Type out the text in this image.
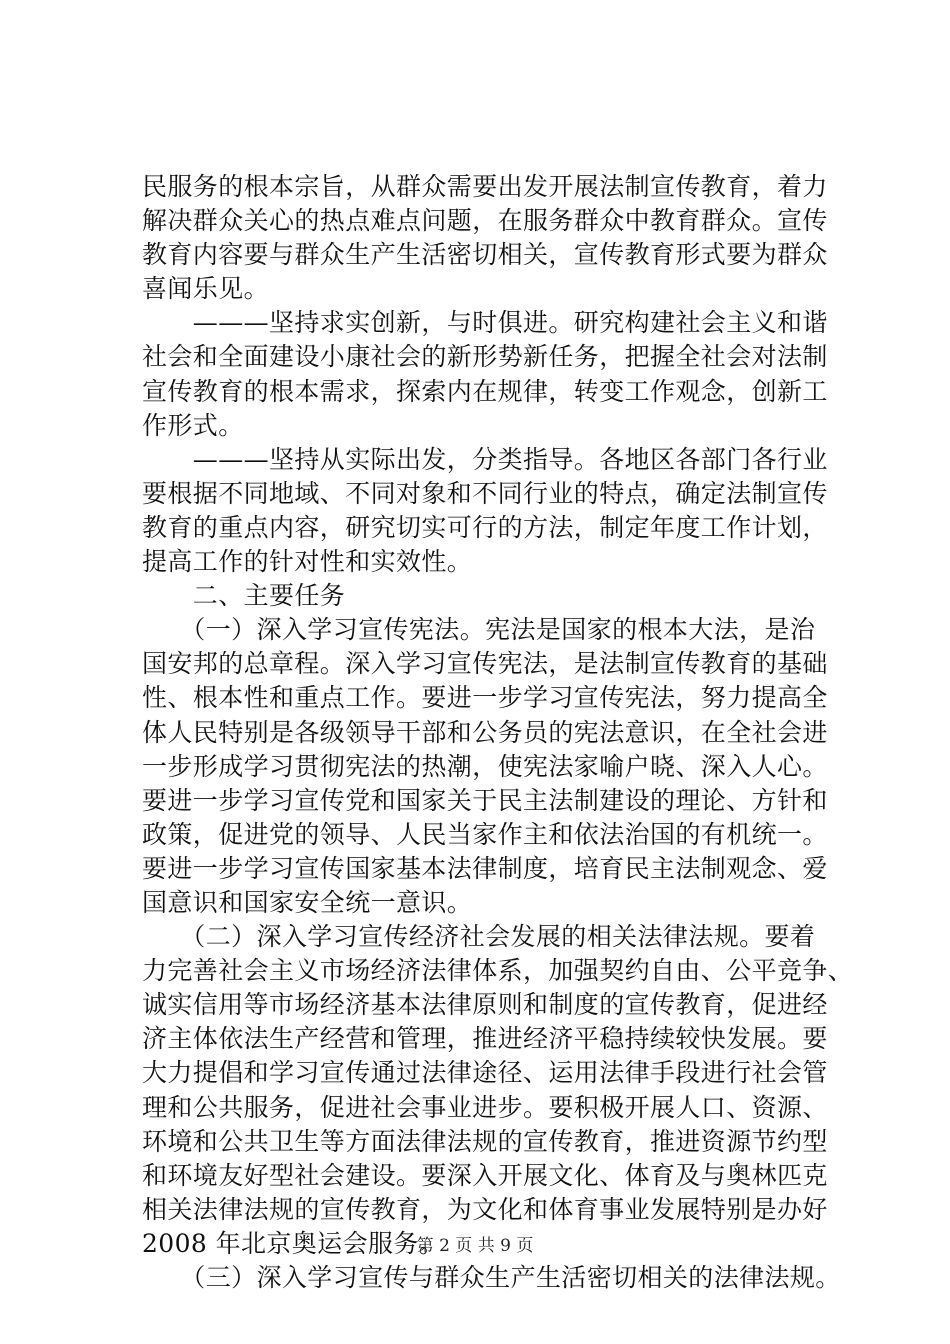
民服务的根本宗旨，从群众需要出发开展法制宣传教育，着力
解决群众关心的热点难点问题，在服务群众中教育群众。宣传
教育内容要与群众生产生活密切相关，宣传教育形式要为群众
喜闻乐见。
　　———坚持求实创新，与时俱进。研究构建社会主义和谐
社会和全面建设小康社会的新形势新任务，把握全社会对法制
宣传教育的根本需求，探索内在规律，转变工作观念，创新工
作形式。
　　———坚持从实际出发，分类指导。各地区各部门各行业
要根据不同地域、不同对象和不同行业的特点，确定法制宣传
教育的重点内容，研究切实可行的方法，制定年度工作计划，
提高工作的针对性和实效性。
　　二、主要任务
　　（一）深入学习宣传宪法。宪法是国家的根本大法，是治
国安邦的总章程。深入学习宣传宪法，是法制宣传教育的基础
性、根本性和重点工作。要进一步学习宣传宪法，努力提高全
体人民特别是各级领导干部和公务员的宪法意识，在全社会进
一步形成学习贯彻宪法的热潮，使宪法家喻户晓、深入人心。
要进一步学习宣传党和国家关于民主法制建设的理论、方针和
政策，促进党的领导、人民当家作主和依法治国的有机统一。
要进一步学习宣传国家基本法律制度，培育民主法制观念、爱
国意识和国家安全统一意识。
　　（二）深入学习宣传经济社会发展的相关法律法规。要着
力完善社会主义市场经济法律体系，加强契约自由、公平竞争、
诚实信用等市场经济基本法律原则和制度的宣传教育，促进经
济主体依法生产经营和管理，推进经济平稳持续较快发展。要
大力提倡和学习宣传通过法律途径、运用法律手段进行社会管
理和公共服务，促进社会事业进步。要积极开展人口、资源、
环境和公共卫生等方面法律法规的宣传教育，推进资源节约型
和环境友好型社会建设。要深入开展文化、体育及与奥林匹克
相关法律法规的宣传教育，为文化和体育事业发展特别是办好
2008 年北京奥运会服务。
　　（三）深入学习宣传与群众生产生活密切相关的法律法规。
第 2 页 共 9 页
